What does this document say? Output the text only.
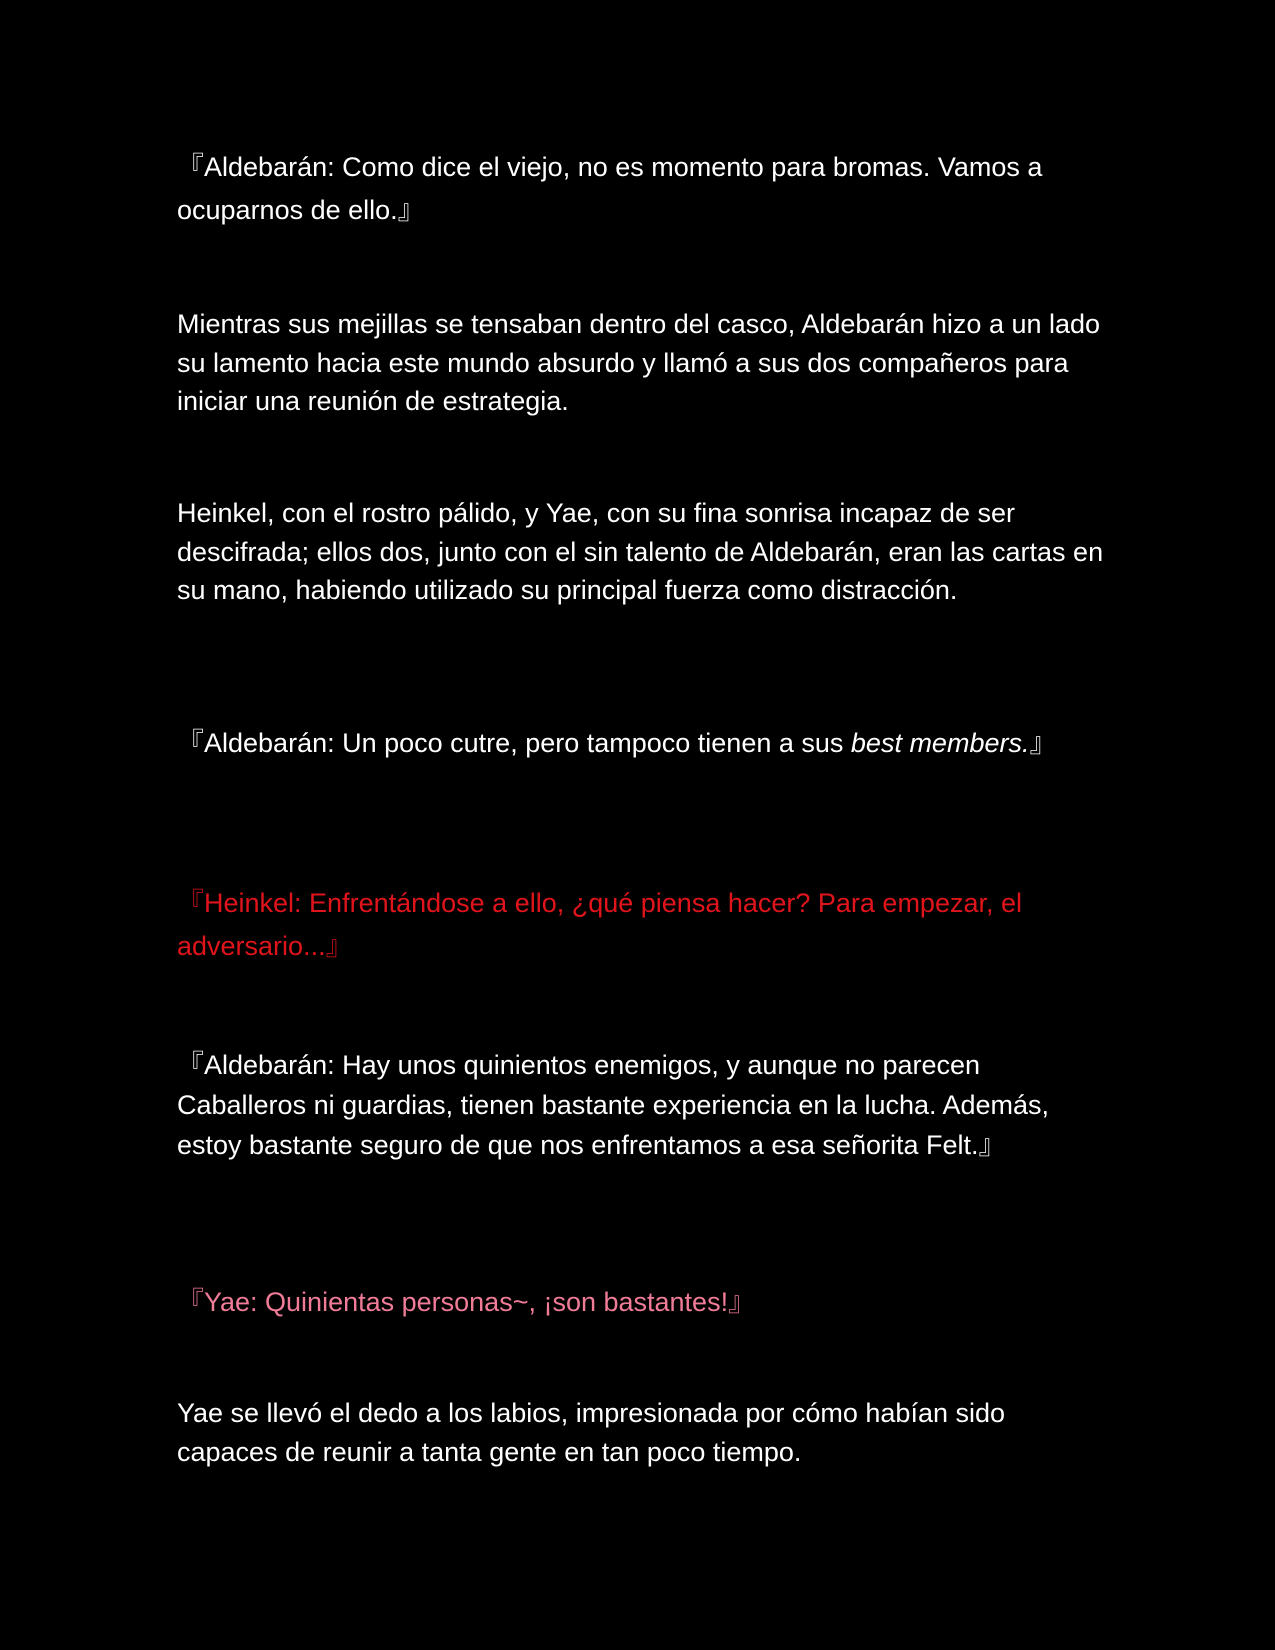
『Aldebarán: Como dice el viejo, no es momento para bromas. Vamos a ocuparnos de ello.』

Mientras sus mejillas se tensaban dentro del casco, Aldebarán hizo a un lado su lamento hacia este mundo absurdo y llamó a sus dos compañeros para iniciar una reunión de estrategia.

Heinkel, con el rostro pálido, y Yae, con su fina sonrisa incapaz de ser descifrada; ellos dos, junto con el sin talento de Aldebarán, eran las cartas en su mano, habiendo utilizado su principal fuerza como distracción.

『Aldebarán: Un poco cutre, pero tampoco tienen a sus best members.』

『Heinkel: Enfrentándose a ello, ¿qué piensa hacer? Para empezar, el adversario...』

『Aldebarán: Hay unos quinientos enemigos, y aunque no parecen Caballeros ni guardias, tienen bastante experiencia en la lucha. Además, estoy bastante seguro de que nos enfrentamos a esa señorita Felt.』

『Yae: Quinientas personas~, ¡son bastantes!』

Yae se llevó el dedo a los labios, impresionada por cómo habían sido capaces de reunir a tanta gente en tan poco tiempo.
